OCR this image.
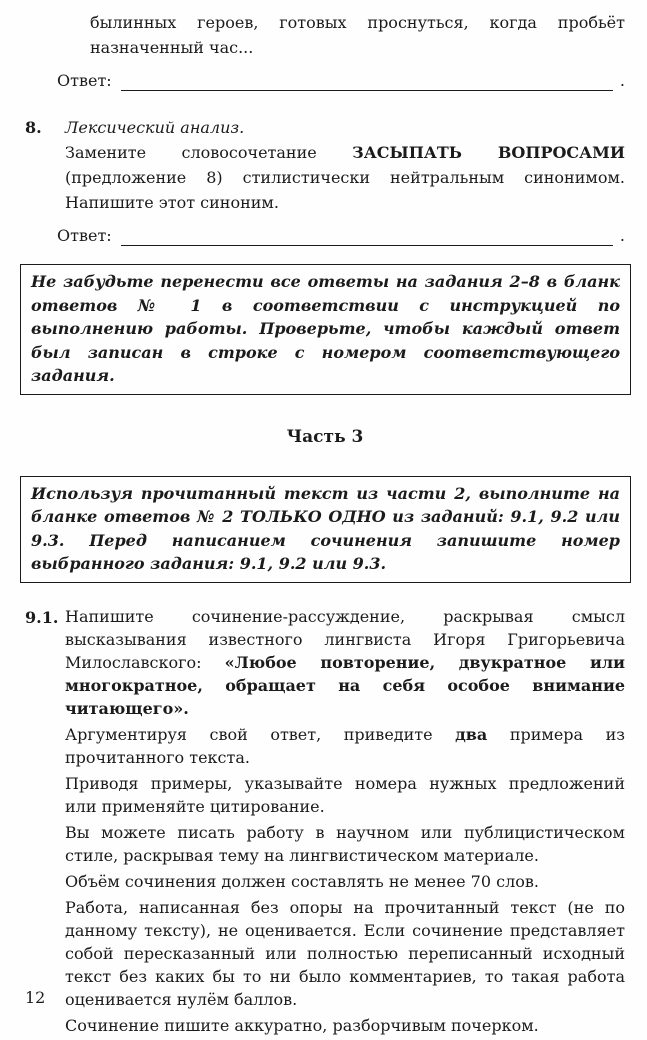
былинных героев, готовых проснуться, когда пробьёт назначенный час...

Ответ:	.
8.	Лексический анализ.

Замените словосочетание ЗАСЫПАТЬ ВОПРОСАМИ (предложение 8) стилистически нейтральным синонимом. Напишите этот синоним.

Ответ:	.
Не забудьте перенести все ответы на задания 2–8 в бланк ответов № 1 в соответствии с инструкцией по выполнению работы. Проверьте, чтобы каждый ответ был записан в строке с номером соответствующего задания.
Часть 3
Используя прочитанный текст из части 2, выполните на бланке ответов № 2 ТОЛЬКО ОДНО из заданий: 9.1, 9.2 или 9.3. Перед написанием сочинения запишите номер выбранного задания: 9.1, 9.2 или 9.3.
9.1. Напишите сочинение-рассуждение, раскрывая смысл высказывания известного лингвиста Игоря Григорьевича Милославского: «Любое повторение, двукратное или многократное, обращает на себя особое внимание читающего».

Аргументируя свой ответ, приведите два примера из прочитанного текста.

Приводя примеры, указывайте номера нужных предложений или применяйте цитирование.

Вы можете писать работу в научном или публицистическом стиле, раскрывая тему на лингвистическом материале.

Объём сочинения должен составлять не менее 70 слов.

Работа, написанная без опоры на прочитанный текст (не по данному тексту), не оценивается. Если сочинение представляет собой пересказанный или полностью переписанный исходный текст без каких бы то ни было комментариев, то такая работа оценивается нулём баллов.

Сочинение пишите аккуратно, разборчивым почерком.

12
